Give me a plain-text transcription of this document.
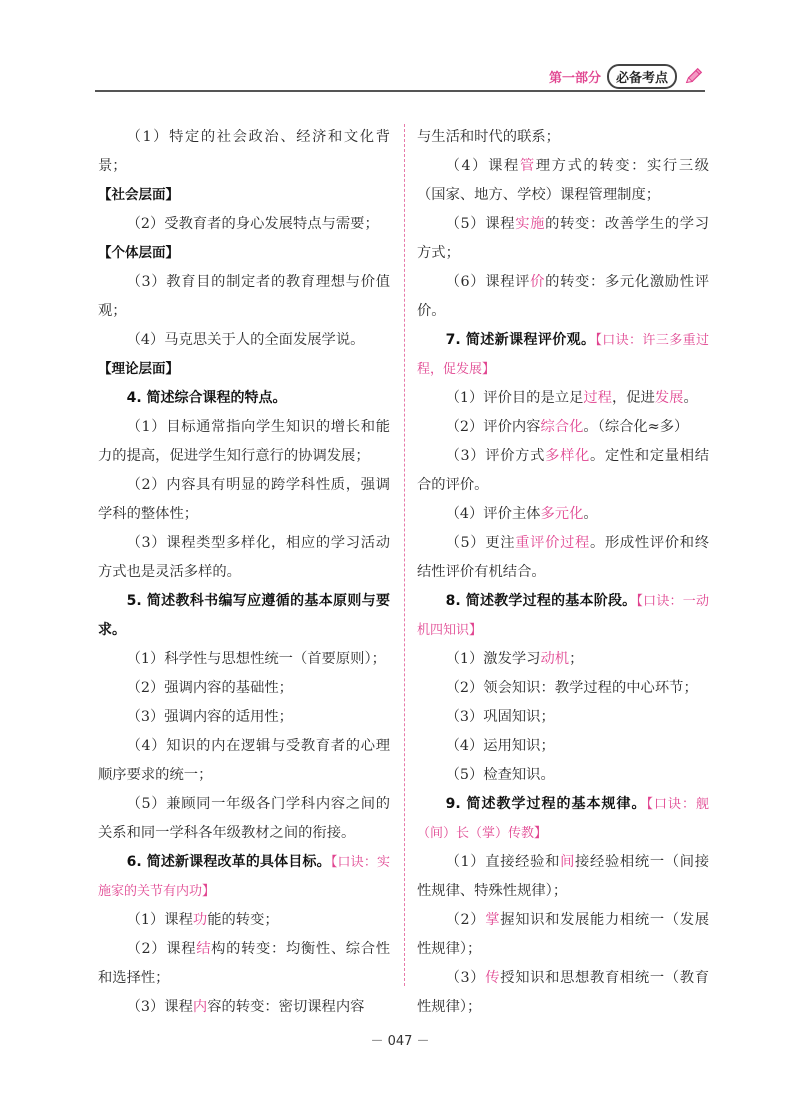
第一部分	必备考点

（1）特定的社会政治、经济和文化背景；

【社会层面】

（2）受教育者的身心发展特点与需要；

【个体层面】

（3）教育目的制定者的教育理想与价值观；

（4）马克思关于人的全面发展学说。

【理论层面】

4. 简述综合课程的特点。

（1）目标通常指向学生知识的增长和能力的提高，促进学生知行意行的协调发展；

（2）内容具有明显的跨学科性质，强调学科的整体性；

（3）课程类型多样化，相应的学习活动方式也是灵活多样的。

5. 简述教科书编写应遵循的基本原则与要求。

（1）科学性与思想性统一（首要原则）；

（2）强调内容的基础性；

（3）强调内容的适用性；

（4）知识的内在逻辑与受教育者的心理顺序要求的统一；

（5）兼顾同一年级各门学科内容之间的关系和同一学科各年级教材之间的衔接。

6. 简述新课程改革的具体目标。【口诀：实施家的关节有内功】

（1）课程功能的转变；

（2）课程结构的转变：均衡性、综合性和选择性；

（3）课程内容的转变：密切课程内容

与生活和时代的联系；

（4）课程管理方式的转变：实行三级（国家、地方、学校）课程管理制度；

（5）课程实施的转变：改善学生的学习方式；

（6）课程评价的转变：多元化激励性评价。

7. 简述新课程评价观。【口诀：许三多重过程，促发展】

（1）评价目的是立足过程，促进发展。

（2）评价内容综合化。（综合化≈多）

（3）评价方式多样化。定性和定量相结合的评价。

（4）评价主体多元化。

（5）更注重评价过程。形成性评价和终结性评价有机结合。

8. 简述教学过程的基本阶段。【口诀：一动机四知识】

（1）激发学习动机；

（2）领会知识：教学过程的中心环节；

（3）巩固知识；

（4）运用知识；

（5）检查知识。

9. 简述教学过程的基本规律。【口诀：舰（间）长（掌）传教】

（1）直接经验和间接经验相统一（间接性规律、特殊性规律）；

（2）掌握知识和发展能力相统一（发展性规律）；

（3）传授知识和思想教育相统一（教育性规律）；

－ 047 －
